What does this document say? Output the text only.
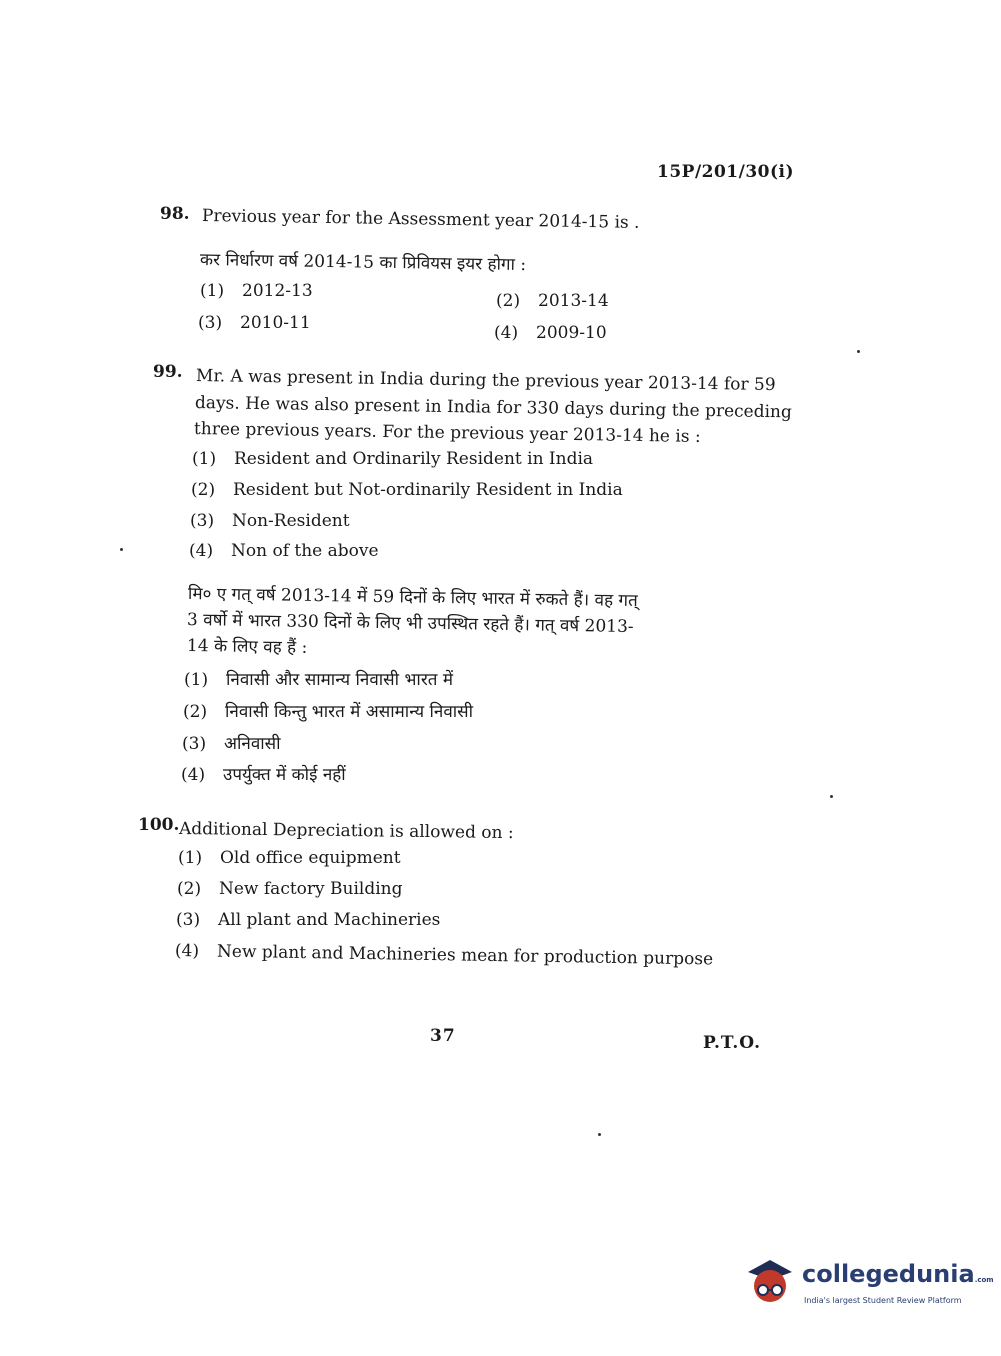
15P/201/30(i)
98. Previous year for the Assessment year 2014-15 is .
कर निर्धारण वर्ष 2014-15 का प्रिवियस इयर होगा :
(1) 2012-13	(2) 2013-14
(3) 2010-11	(4) 2009-10
99. Mr. A was present in India during the previous year 2013-14 for 59
days. He was also present in India for 330 days during the preceding
three previous years. For the previous year 2013-14 he is :
(1) Resident and Ordinarily Resident in India
(2) Resident but Not-ordinarily Resident in India
(3) Non-Resident
(4) Non of the above
मि० ए गत् वर्ष 2013-14 में 59 दिनों के लिए भारत में रुकते हैं। वह गत्
3 वर्षो में भारत 330 दिनों के लिए भी उपस्थित रहते हैं। गत् वर्ष 2013-
14 के लिए वह हैं :
(1) निवासी और सामान्य निवासी भारत में
(2) निवासी किन्तु भारत में असामान्य निवासी
(3) अनिवासी
(4) उपर्युक्त में कोई नहीं
100. Additional Depreciation is allowed on :
(1) Old office equipment
(2) New factory Building
(3) All plant and Machineries
(4) New plant and Machineries mean for production purpose
37	P.T.O.
collegedunia.com
India's largest Student Review Platform
